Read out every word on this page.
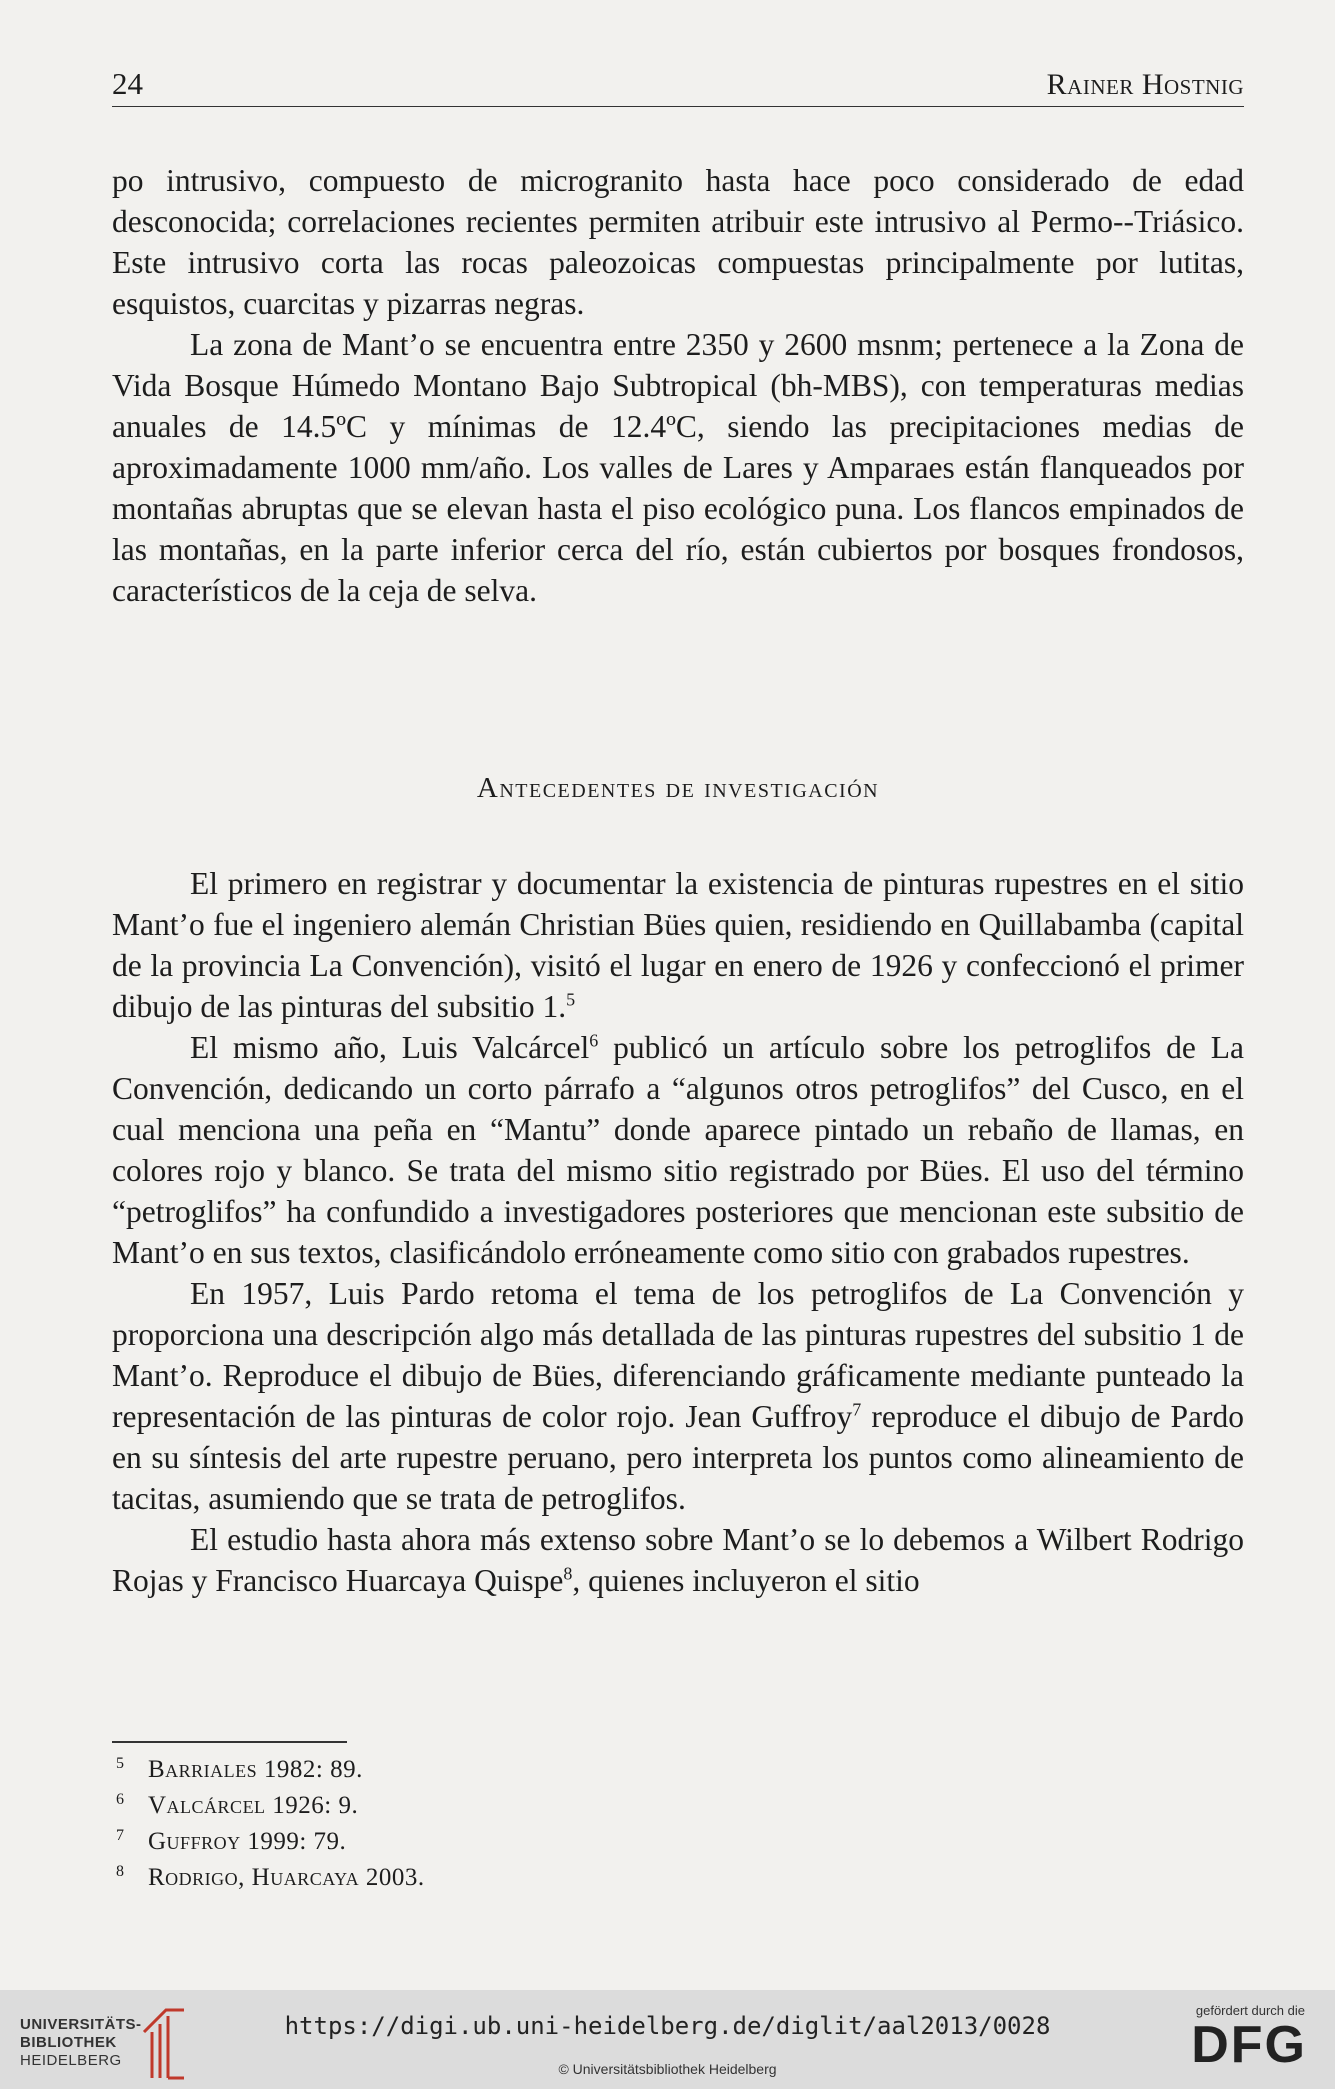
24	Rainer Hostnig

po intrusivo, compuesto de microgranito hasta hace poco considerado de edad desconocida; correlaciones recientes permiten atribuir este intrusivo al Permo--Triásico. Este intrusivo corta las rocas paleozoicas compuestas principalmente por lutitas, esquistos, cuarcitas y pizarras negras.

La zona de Mant’o se encuentra entre 2350 y 2600 msnm; pertenece a la Zona de Vida Bosque Húmedo Montano Bajo Subtropical (bh-MBS), con temperaturas medias anuales de 14.5ºC y mínimas de 12.4ºC, siendo las precipitaciones medias de aproximadamente 1000 mm/año. Los valles de Lares y Amparaes están flanqueados por montañas abruptas que se elevan hasta el piso ecológico puna. Los flancos empinados de las montañas, en la parte inferior cerca del río, están cubiertos por bosques frondosos, característicos de la ceja de selva.

Antecedentes de investigación

El primero en registrar y documentar la existencia de pinturas rupestres en el sitio Mant’o fue el ingeniero alemán Christian Bües quien, residiendo en Quillabamba (capital de la provincia La Convención), visitó el lugar en enero de 1926 y confeccionó el primer dibujo de las pinturas del subsitio 1.$^5$

El mismo año, Luis Valcárcel$^6$ publicó un artículo sobre los petroglifos de La Convención, dedicando un corto párrafo a “algunos otros petroglifos” del Cusco, en el cual menciona una peña en “Mantu” donde aparece pintado un rebaño de llamas, en colores rojo y blanco. Se trata del mismo sitio registrado por Bües. El uso del término “petroglifos” ha confundido a investigadores posteriores que mencionan este subsitio de Mant’o en sus textos, clasificándolo erróneamente como sitio con grabados rupestres.

En 1957, Luis Pardo retoma el tema de los petroglifos de La Convención y proporciona una descripción algo más detallada de las pinturas rupestres del subsitio 1 de Mant’o. Reproduce el dibujo de Bües, diferenciando gráficamente mediante punteado la representación de las pinturas de color rojo. Jean Guffroy$^7$ reproduce el dibujo de Pardo en su síntesis del arte rupestre peruano, pero interpreta los puntos como alineamiento de tacitas, asumiendo que se trata de petroglifos.

El estudio hasta ahora más extenso sobre Mant’o se lo debemos a Wilbert Rodrigo Rojas y Francisco Huarcaya Quispe$^8$, quienes incluyeron el sitio

5 Barriales 1982: 89.
6 Valcárcel 1926: 9.
7 Guffroy 1999: 79.
8 Rodrigo, Huarcaya 2003.
UNIVERSITÄTS-
BIBLIOTHEK
HEIDELBERG
https://digi.ub.uni-heidelberg.de/diglit/aal2013/0028
© Universitätsbibliothek Heidelberg
gefördert durch die
DFG
